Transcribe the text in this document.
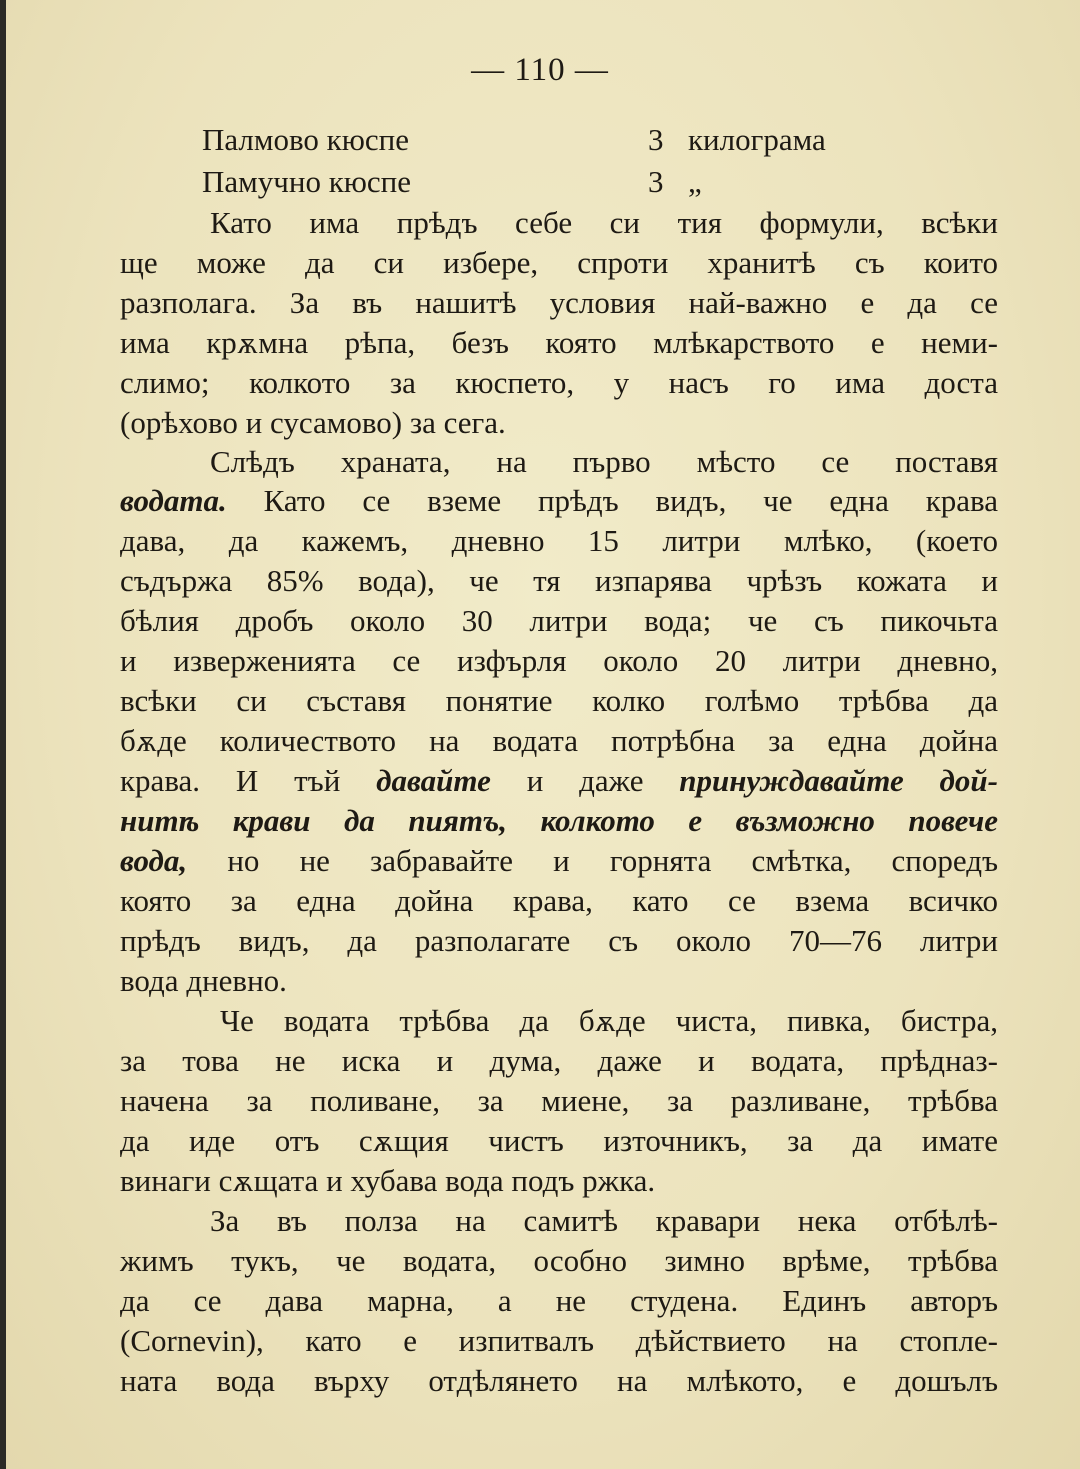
— 110 —
Палмово кюспе	3 килограма
Памучно кюспе	3 „
Като има прѣдъ себе си тия формули, всѣки
ще може да си избере, спроти хранитѣ съ които
разполага. За въ нашитѣ условия най-важно е да се
има крѫмна рѣпа, безъ която млѣкарството е неми-
слимо; колкото за кюспето, у насъ го има доста
(орѣхово и сусамово) за сега.
Слѣдъ храната, на първо мѣсто се поставя
водата. Като се вземе прѣдъ видъ, че една крава
дава, да кажемъ, дневно 15 литри млѣко, (което
съдържа 85% вода), че тя изпарява чрѣзъ кожата и
бѣлия дробъ около 30 литри вода; че съ пикочьта
и изверженията се изфърля около 20 литри дневно,
всѣки си съставя понятие колко голѣмо трѣбва да
бѫде количеството на водата потрѣбна за една дойна
крава. И тъй давайте и даже принуждавайте дой-
нитѣ крави да пиятъ, колкото е възможно повече
вода, но не забравайте и горнята смѣтка, споредъ
която за една дойна крава, като се взема всичко
прѣдъ видъ, да разполагате съ около 70—76 литри
вода дневно.
Че водата трѣбва да бѫде чиста, пивка, бистра,
за това не иска и дума, даже и водата, прѣдназ-
начена за поливане, за миене, за разливане, трѣбва
да иде отъ сѫщия чистъ източникъ, за да имате
винаги сѫщата и хубава вода подъ ржка.
За въ полза на самитѣ кравари нека отбѣлѣ-
жимъ тукъ, че водата, особно зимно врѣме, трѣбва
да се дава марна, а не студена. Единъ авторъ
(Cornevin), като е изпитвалъ дѣйствието на стопле-
ната вода върху отдѣлянето на млѣкото, е дошълъ
